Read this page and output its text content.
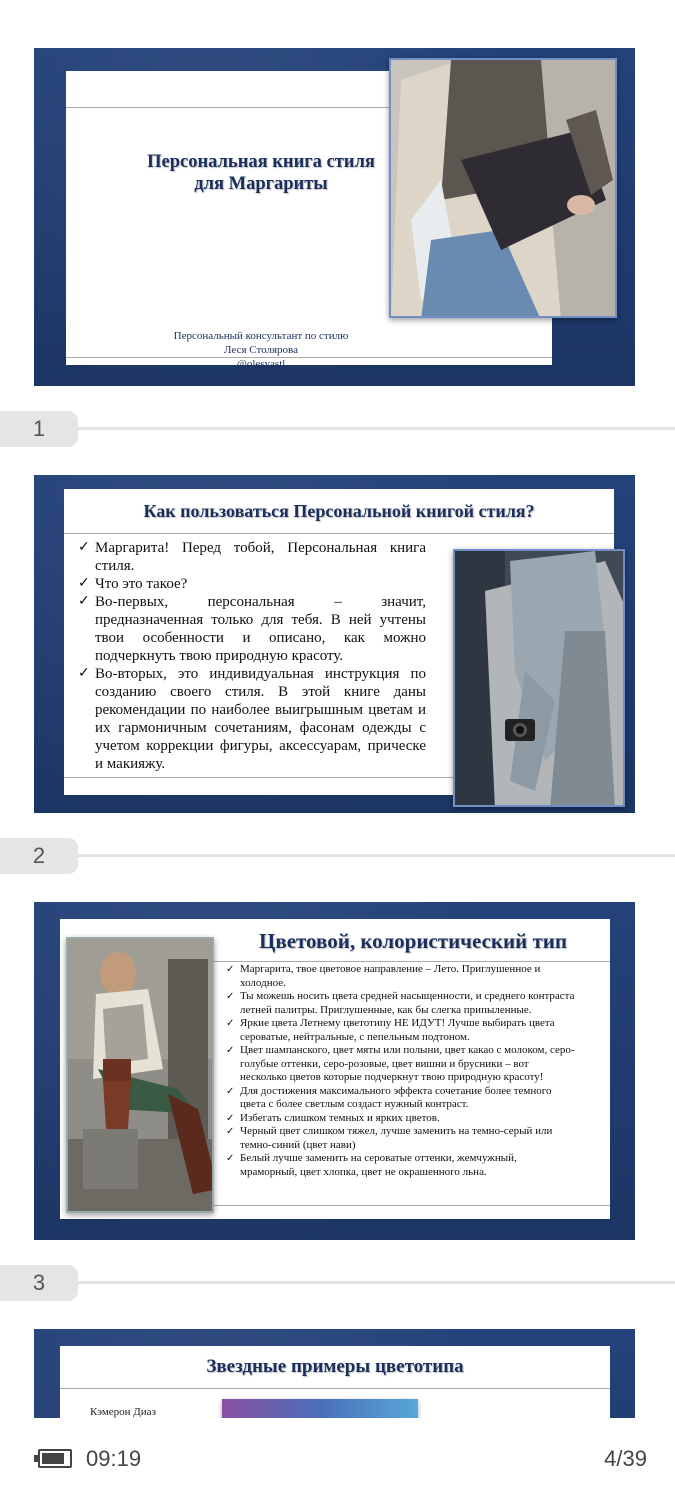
Персональная книга стиля
для Маргариты
Персональный консультант по стилю
Леся Столярова
@olesyastl
1
Как пользоваться Персональной книгой стиля?
✓ Маргарита! Перед тобой, Персональная книга стиля.
✓ Что это такое?
✓ Во-первых, персональная – значит, предназначенная только для тебя. В ней учтены твои особенности и описано, как можно подчеркнуть твою природную красоту.
✓ Во-вторых, это индивидуальная инструкция по созданию своего стиля. В этой книге даны рекомендации по наиболее выигрышным цветам и их гармоничным сочетаниям, фасонам одежды с учетом коррекции фигуры, аксессуарам, прическе и макияжу.
2
Цветовой, колористический тип
✓ Маргарита, твое цветовое направление – Лето. Приглушенное и холодное.
✓ Ты можешь носить цвета средней насыщенности, и среднего контраста летней палитры. Приглушенные, как бы слегка припыленные.
✓ Яркие цвета Летнему цветотипу НЕ ИДУТ! Лучше выбирать цвета сероватые, нейтральные, с пепельным подтоном.
✓ Цвет шампанского, цвет мяты или полыни, цвет какао с молоком, серо-голубые оттенки, серо-розовые, цвет вишни и брусники – вот несколько цветов которые подчеркнут твою природную красоту!
✓ Для достижения максимального эффекта сочетание более темного цвета с более светлым создаст нужный контраст.
✓ Избегать слишком темных и ярких цветов.
✓ Черный цвет слишком тяжел, лучше заменить на темно-серый или темно-синий (цвет нави)
✓ Белый лучше заменить на сероватые оттенки, жемчужный, мраморный, цвет хлопка, цвет не окрашенного льна.
3
Звездные примеры цветотипа
Кэмерон Диаз
09:19	4/39
